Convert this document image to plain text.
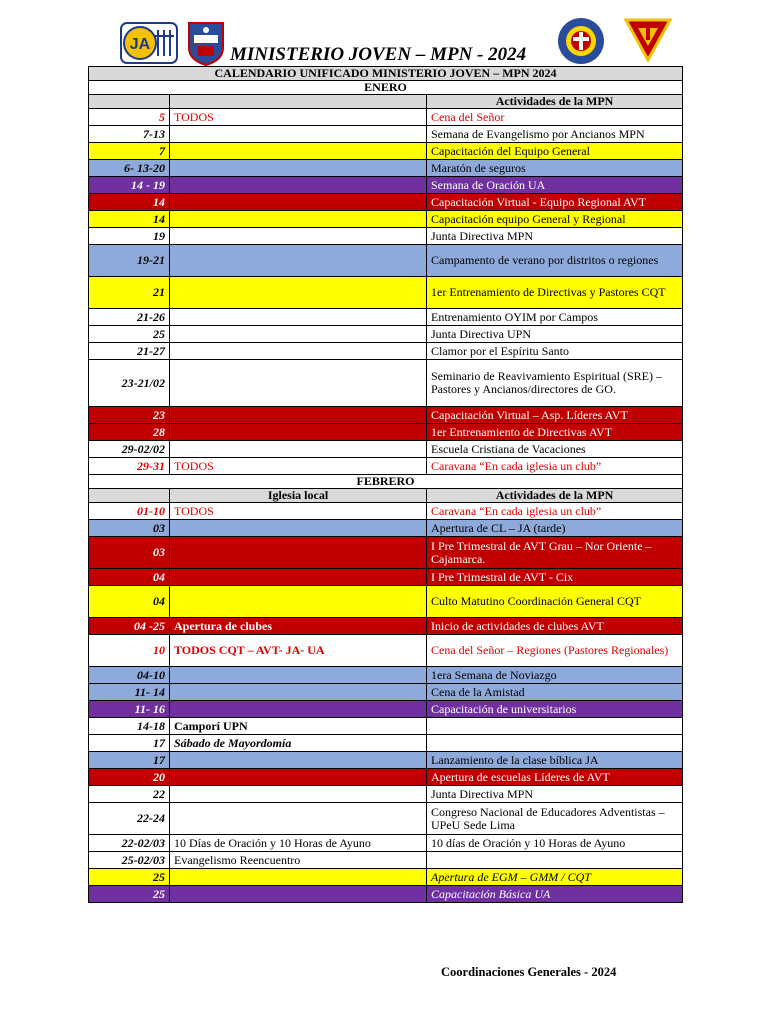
JA	MINISTERIO JOVEN – MPN - 2024
CALENDARIO UNIFICADO MINISTERIO JOVEN – MPN 2024		
ENERO		
		Actividades de la MPN
5	TODOS	Cena del Señor
7-13		Semana de Evangelismo por Ancianos MPN
7		Capacitación del Equipo General
6- 13-20		Maratón de seguros
14 - 19		Semana de Oración UA
14		Capacitación Virtual - Equipo Regional AVT
14		Capacitación equipo General y Regional
19		Junta Directiva MPN
19-21		Campamento de verano por distritos o regiones
21		1er Entrenamiento de Directivas y Pastores CQT
21-26		Entrenamiento OYIM por Campos
25		Junta Directiva UPN
21-27		Clamor por el Espíritu Santo
23-21/02		Seminario de Reavivamiento Espiritual (SRE) – Pastores y Ancianos/directores de GO.
23		Capacitación Virtual – Asp. Líderes AVT
28		1er Entrenamiento de Directivas AVT
29-02/02		Escuela Cristiana de Vacaciones
29-31	TODOS	Caravana “En cada iglesia un club”
FEBRERO		
	Iglesia local	Actividades de la MPN
01-10	TODOS	Caravana “En cada iglesia un club”
03		Apertura de CL – JA (tarde)
03		I Pre Trimestral de AVT Grau – Nor Oriente – Cajamarca.
04		I Pre Trimestral de AVT - Cix
04		Culto Matutino Coordinación General CQT
04 -25	Apertura de clubes	Inicio de actividades de clubes AVT
10	TODOS CQT – AVT- JA- UA	Cena del Señor – Regiones (Pastores Regionales)
04-10		1era Semana de Noviazgo
11- 14		Cena de la Amistad
11- 16		Capacitación de universitarios
14-18	Camporí UPN	
17	Sábado de Mayordomía	
17		Lanzamiento de la clase bíblica JA
20		Apertura de escuelas Líderes de AVT
22		Junta Directiva MPN
22-24		Congreso Nacional de Educadores Adventistas – UPeU Sede Lima
22-02/03	10 Días de Oración y 10 Horas de Ayuno	10 días de Oración y 10 Horas de Ayuno
25-02/03	Evangelismo Reencuentro	
25		Apertura de EGM – GMM / CQT
25		Capacitación Básica UA
Coordinaciones Generales - 2024
